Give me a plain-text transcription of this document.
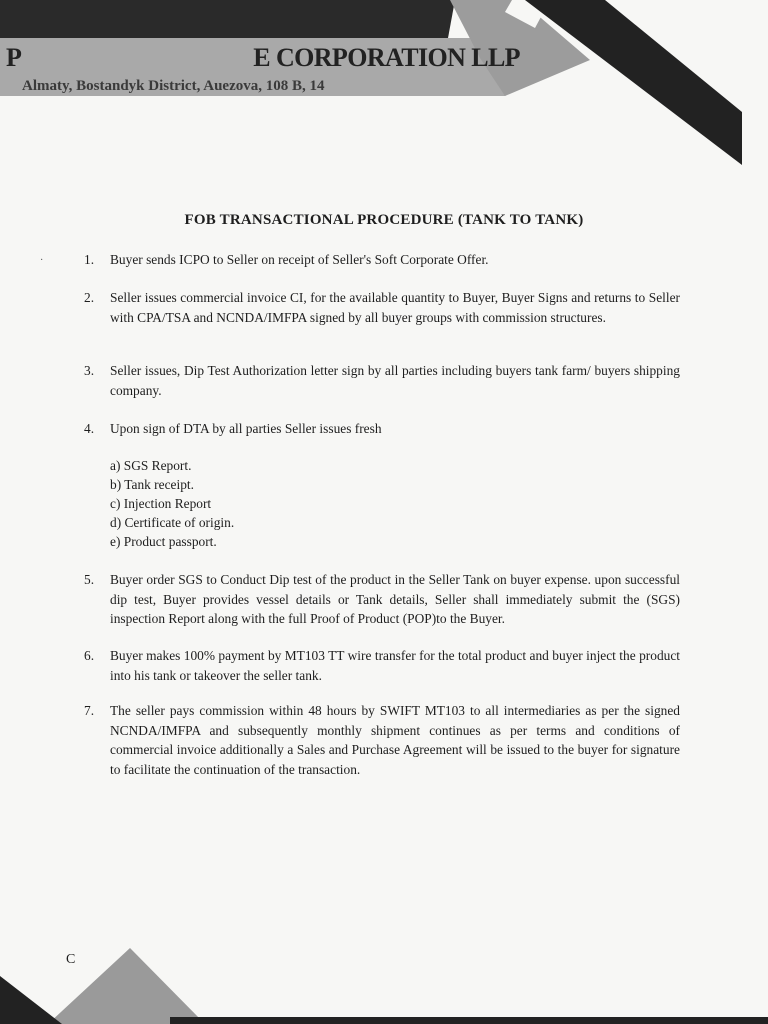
P	E CORPORATION LLP
Almaty, Bostandyk District, Auezova, 108 B, 14
·
FOB TRANSACTIONAL PROCEDURE (TANK TO TANK)
1.	Buyer sends ICPO to Seller on receipt of Seller's Soft Corporate Offer.
2.	Seller issues commercial invoice CI, for the available quantity to Buyer, Buyer Signs and returns to Seller with CPA/TSA and NCNDA/IMFPA signed by all buyer groups with commission structures.
3.	Seller issues, Dip Test Authorization letter sign by all parties including buyers tank farm/ buyers shipping company.
4.	Upon sign of DTA by all parties Seller issues fresh
a) SGS Report.
b) Tank receipt.
c) Injection Report
d) Certificate of origin.
e) Product passport.
5.	Buyer order SGS to Conduct Dip test of the product in the Seller Tank on buyer expense. upon successful dip test, Buyer provides vessel details or Tank details, Seller shall immediately submit the (SGS) inspection Report along with the full Proof of Product (POP)to the Buyer.
6.	Buyer makes 100% payment by MT103 TT wire transfer for the total product and buyer inject the product into his tank or takeover the seller tank.
7.	The seller pays commission within 48 hours by SWIFT MT103 to all intermediaries as per the signed NCNDA/IMFPA and subsequently monthly shipment continues as per terms and conditions of commercial invoice additionally a Sales and Purchase Agreement will be issued to the buyer for signature to facilitate the continuation of the transaction.
C
